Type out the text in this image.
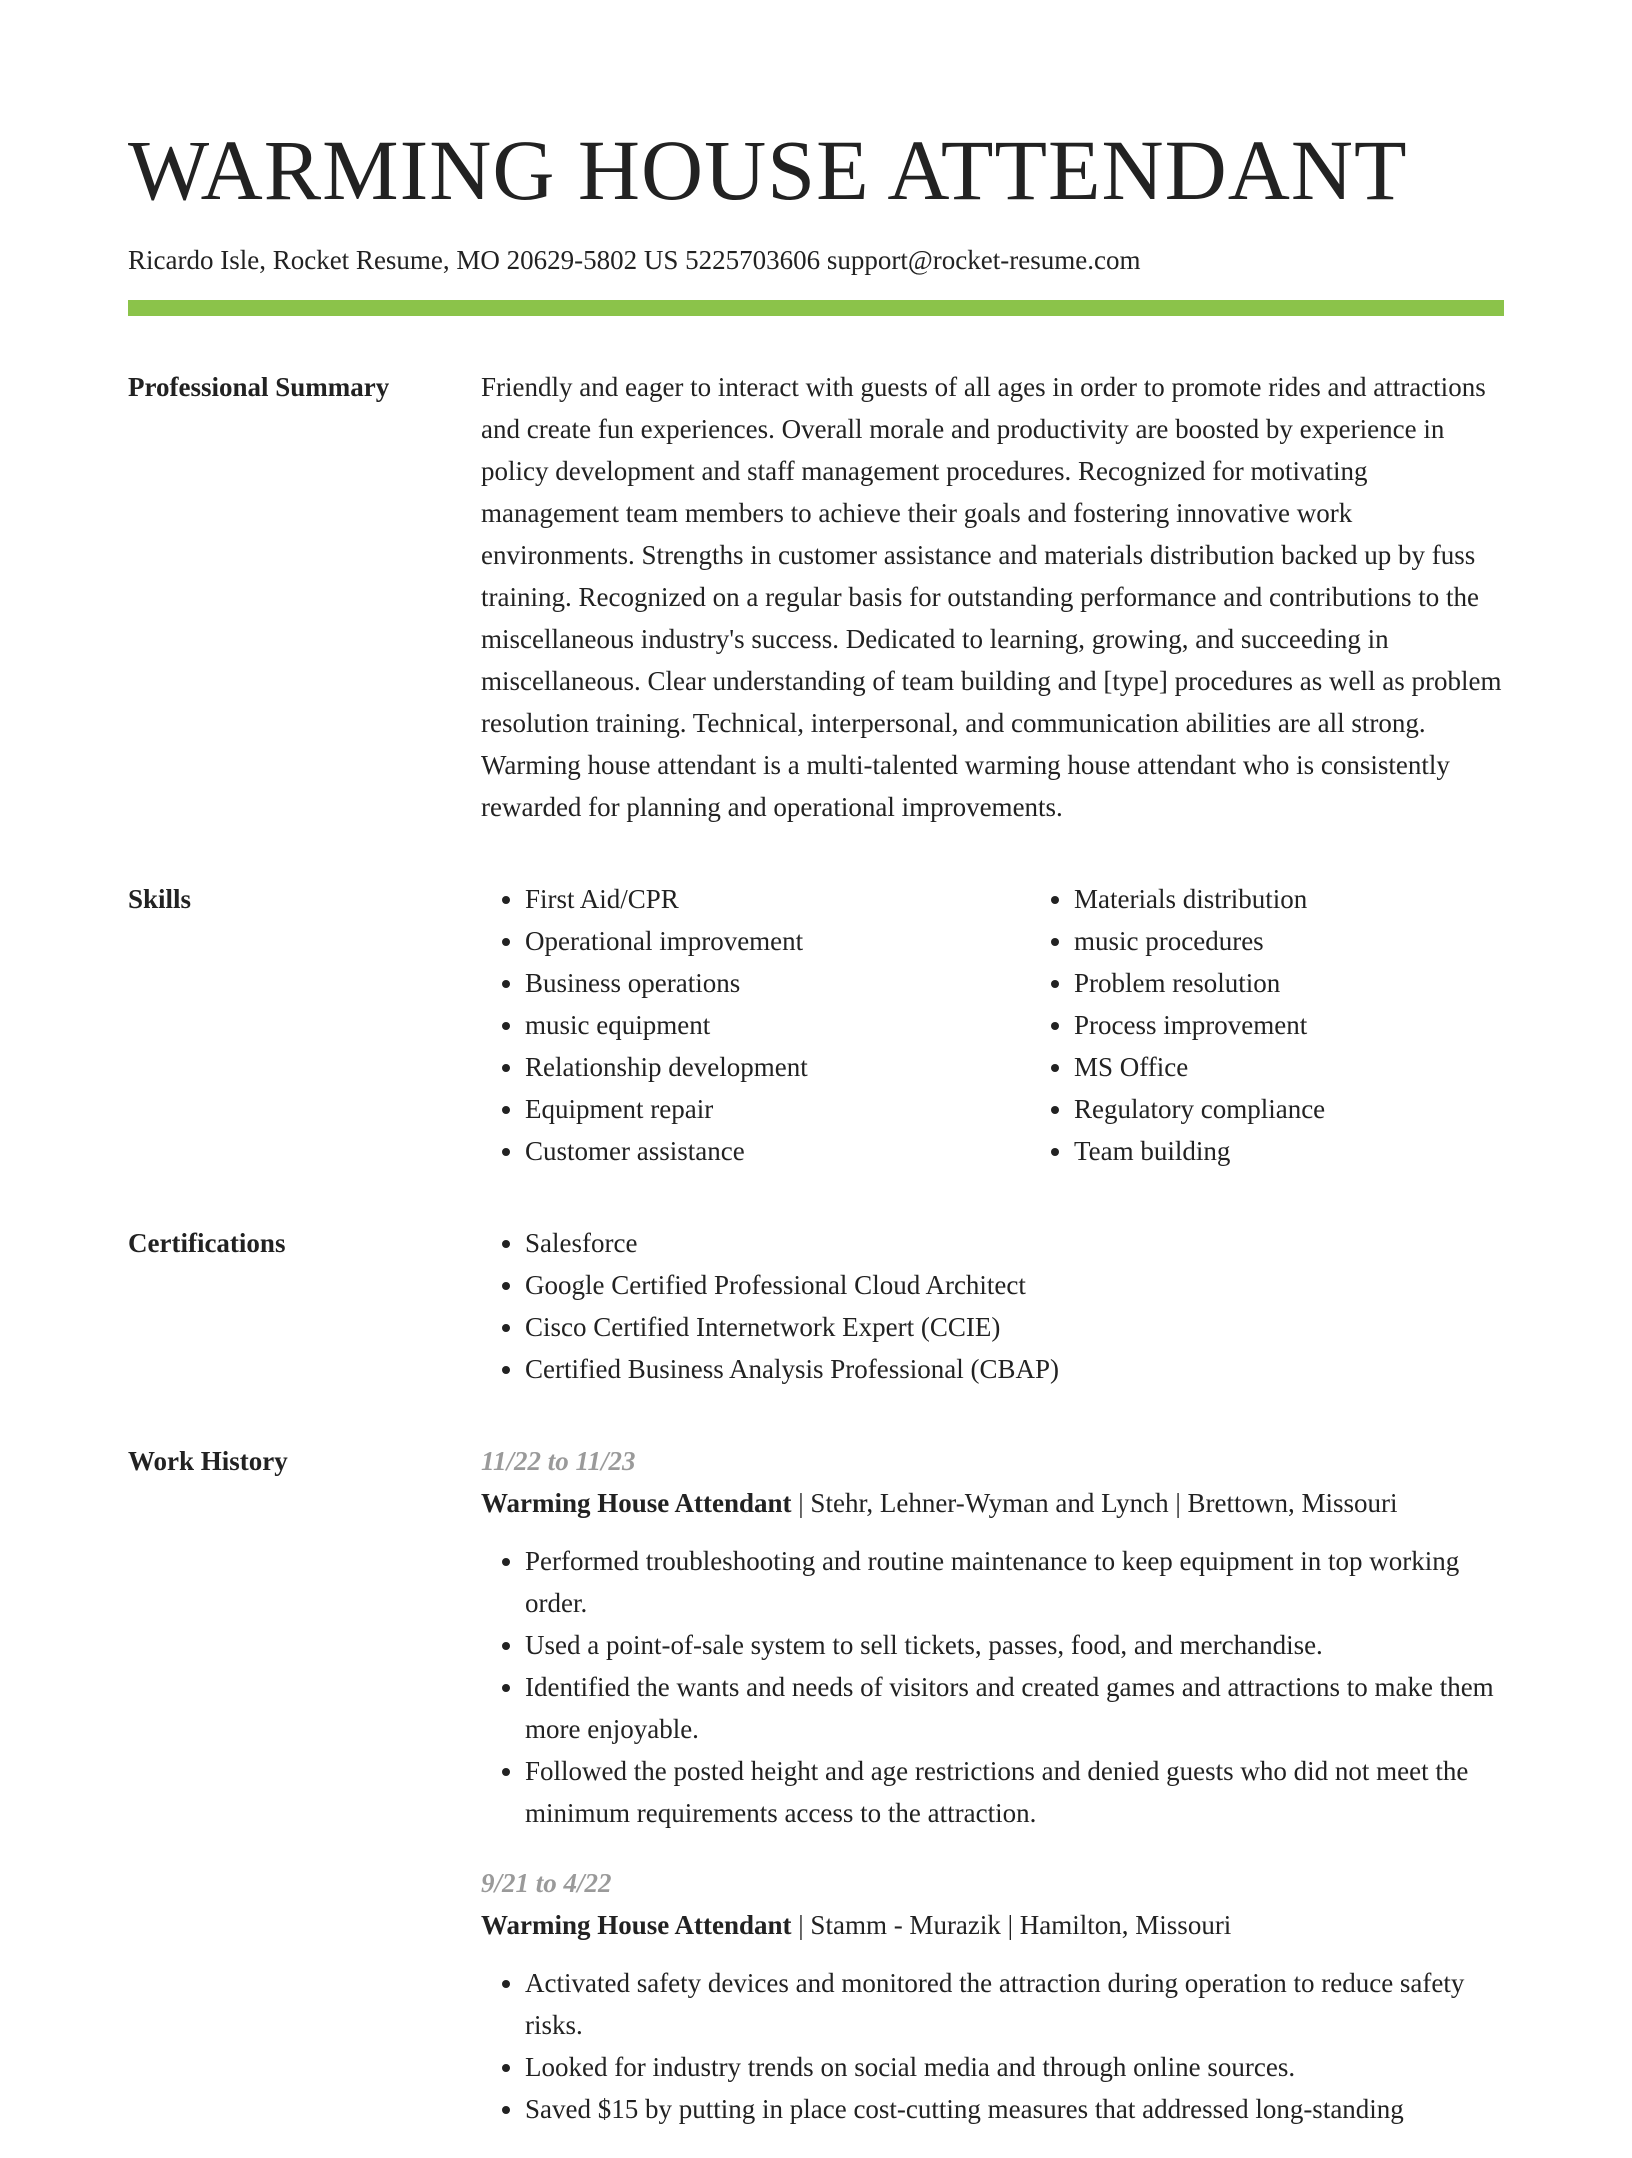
WARMING HOUSE ATTENDANT
Ricardo Isle, Rocket Resume, MO 20629-5802 US 5225703606 support@rocket-resume.com
Professional Summary	Friendly and eager to interact with guests of all ages in order to promote rides and attractions and create fun experiences. Overall morale and productivity are boosted by experience in policy development and staff management procedures. Recognized for motivating management team members to achieve their goals and fostering innovative work environments. Strengths in customer assistance and materials distribution backed up by fuss training. Recognized on a regular basis for outstanding performance and contributions to the miscellaneous industry's success. Dedicated to learning, growing, and succeeding in miscellaneous. Clear understanding of team building and [type] procedures as well as problem resolution training. Technical, interpersonal, and communication abilities are all strong. Warming house attendant is a multi-talented warming house attendant who is consistently rewarded for planning and operational improvements.

Skills	• First Aid/CPR
• Operational improvement
• Business operations
• music equipment
• Relationship development
• Equipment repair
• Customer assistance
• Materials distribution
• music procedures
• Problem resolution
• Process improvement
• MS Office
• Regulatory compliance
• Team building
Certifications	• Salesforce
• Google Certified Professional Cloud Architect
• Cisco Certified Internetwork Expert (CCIE)
• Certified Business Analysis Professional (CBAP)
Work History	11/22 to 11/23
Warming House Attendant | Stehr, Lehner-Wyman and Lynch | Brettown, Missouri
• Performed troubleshooting and routine maintenance to keep equipment in top working order.
• Used a point-of-sale system to sell tickets, passes, food, and merchandise.
• Identified the wants and needs of visitors and created games and attractions to make them more enjoyable.
• Followed the posted height and age restrictions and denied guests who did not meet the minimum requirements access to the attraction.
9/21 to 4/22
Warming House Attendant | Stamm - Murazik | Hamilton, Missouri
• Activated safety devices and monitored the attraction during operation to reduce safety risks.
• Looked for industry trends on social media and through online sources.
• Saved $15 by putting in place cost-cutting measures that addressed long-standing
